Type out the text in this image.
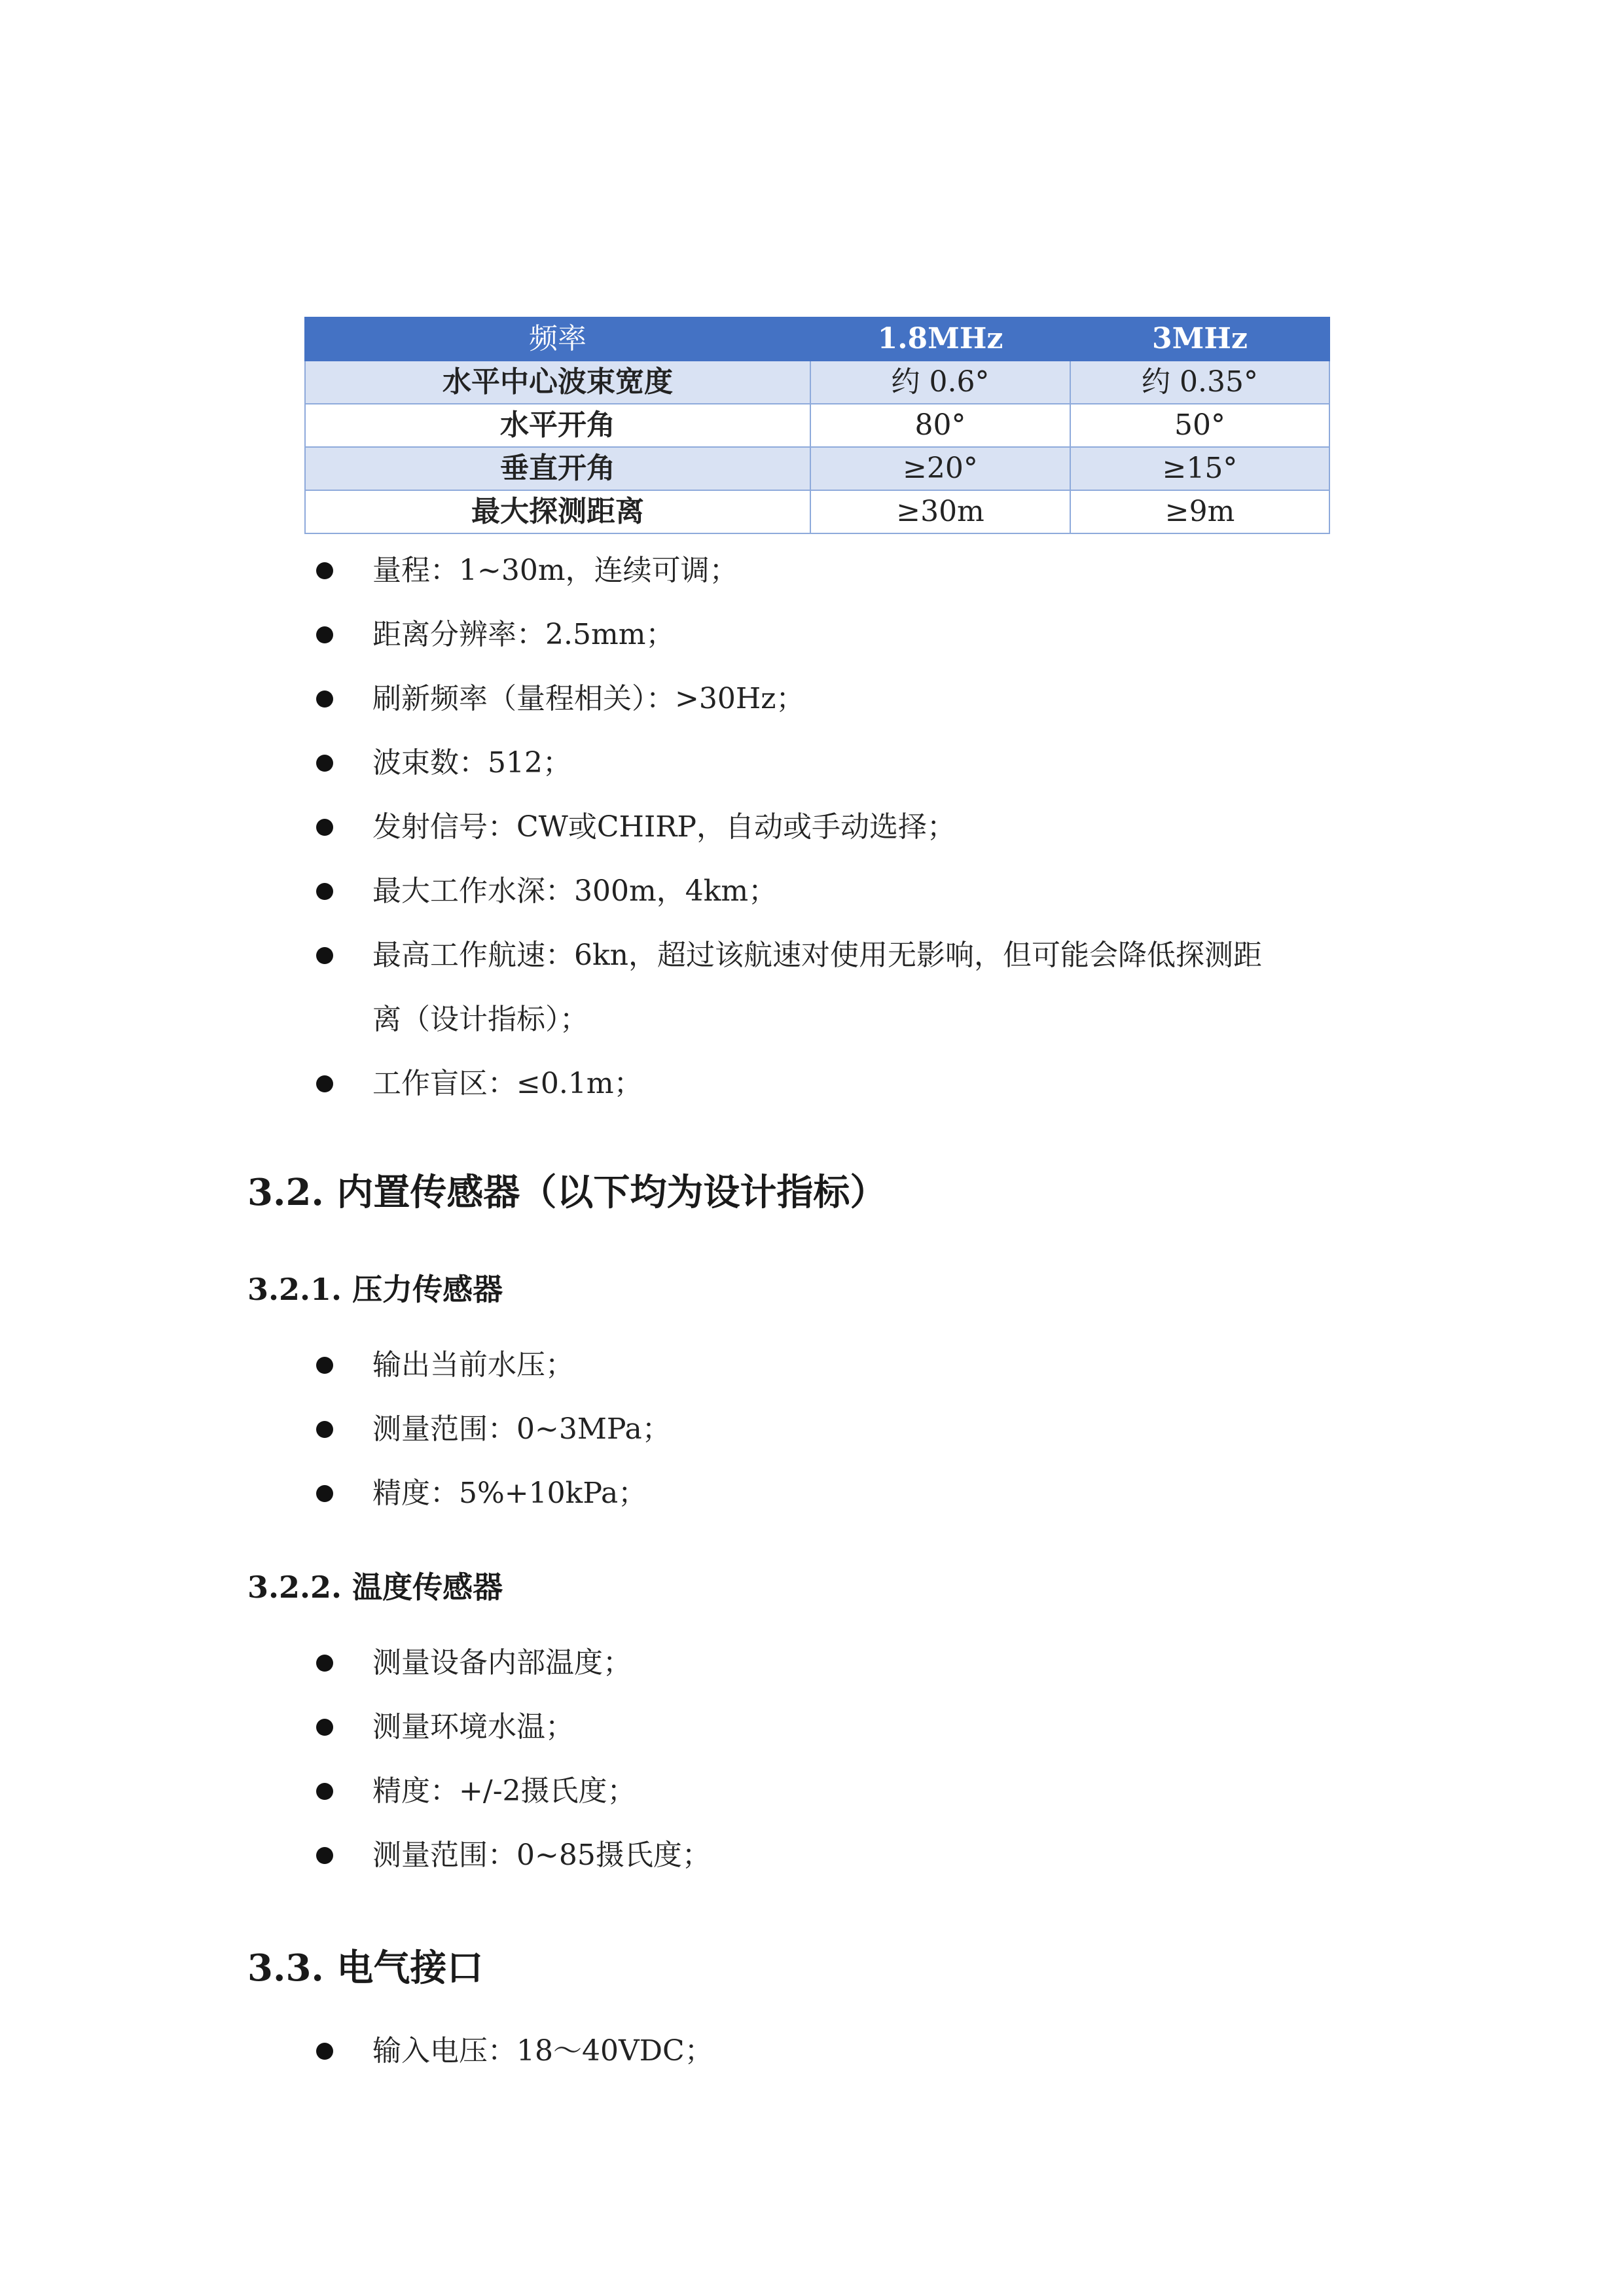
频率	1.8MHz	3MHz
水平中心波束宽度	约 0.6°	约 0.35°
水平开角	80°	50°
垂直开角	≥20°	≥15°
最大探测距离	≥30m	≥9m
量程：1~30m，连续可调；
距离分辨率：2.5mm；
刷新频率（量程相关）：>30Hz；
波束数：512；
发射信号：CW或CHIRP，自动或手动选择；
最大工作水深：300m，4km；
最高工作航速：6kn，超过该航速对使用无影响，但可能会降低探测距
离（设计指标）；
工作盲区：≤0.1m；
3.2. 内置传感器（以下均为设计指标）
3.2.1. 压力传感器
输出当前水压；
测量范围：0~3MPa；
精度：5%+10kPa；
3.2.2. 温度传感器
测量设备内部温度；
测量环境水温；
精度：+/-2摄氏度；
测量范围：0~85摄氏度；
3.3. 电气接口
输入电压：18～40VDC；
